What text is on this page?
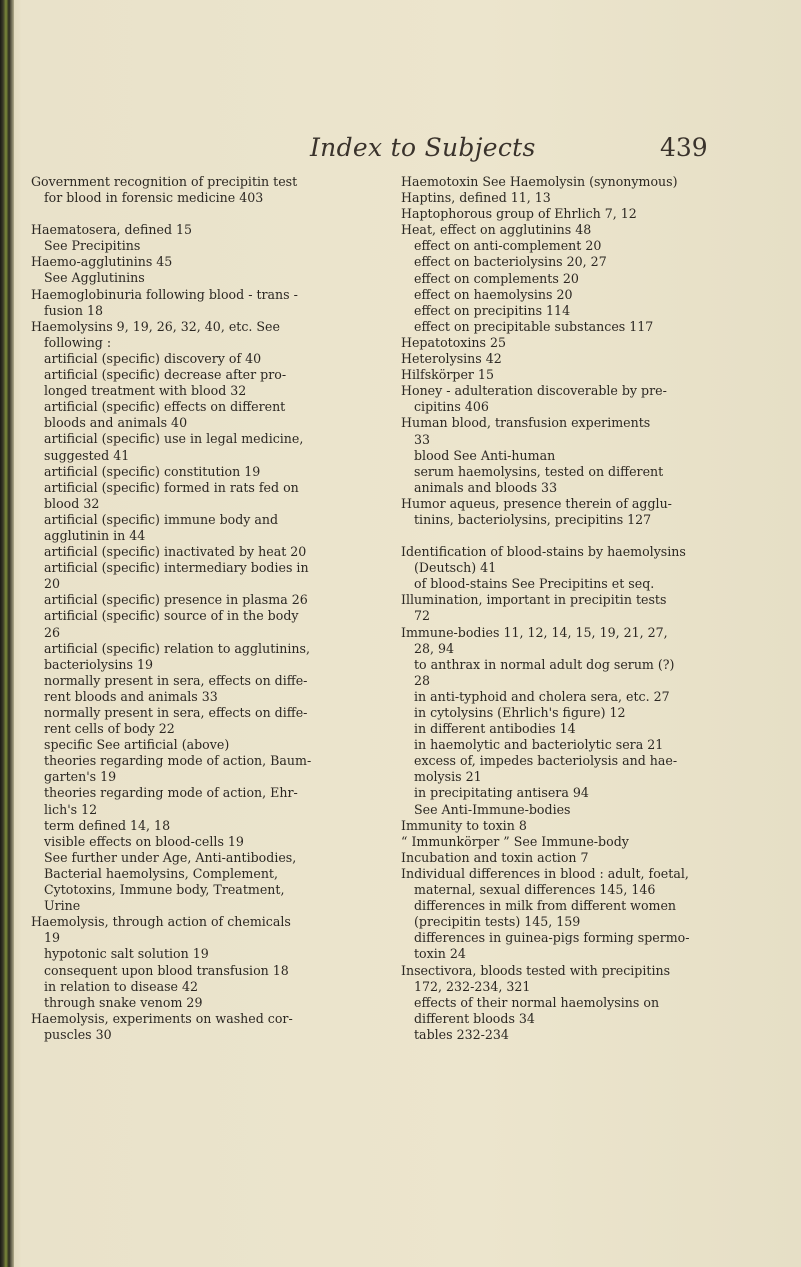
Index to Subjects	439
Government recognition of precipitin test
for blood in forensic medicine 403
Haematosera, defined 15
See Precipitins
Haemo-agglutinins 45
See Agglutinins
Haemoglobinuria following blood - trans -
fusion 18
Haemolysins 9, 19, 26, 32, 40, etc. See
following :
artificial (specific) discovery of 40
artificial (specific) decrease after pro-
longed treatment with blood 32
artificial (specific) effects on different
bloods and animals 40
artificial (specific) use in legal medicine,
suggested 41
artificial (specific) constitution 19
artificial (specific) formed in rats fed on
blood 32
artificial (specific) immune body and
agglutinin in 44
artificial (specific) inactivated by heat 20
artificial (specific) intermediary bodies in
20
artificial (specific) presence in plasma 26
artificial (specific) source of in the body
26
artificial (specific) relation to agglutinins,
bacteriolysins 19
normally present in sera, effects on diffe-
rent bloods and animals 33
normally present in sera, effects on diffe-
rent cells of body 22
specific See artificial (above)
theories regarding mode of action, Baum-
garten's 19
theories regarding mode of action, Ehr-
lich's 12
term defined 14, 18
visible effects on blood-cells 19
See further under Age, Anti-antibodies,
Bacterial haemolysins, Complement,
Cytotoxins, Immune body, Treatment,
Urine
Haemolysis, through action of chemicals
19
hypotonic salt solution 19
consequent upon blood transfusion 18
in relation to disease 42
through snake venom 29
Haemolysis, experiments on washed cor-
puscles 30
Haemotoxin See Haemolysin (synonymous)
Haptins, defined 11, 13
Haptophorous group of Ehrlich 7, 12
Heat, effect on agglutinins 48
effect on anti-complement 20
effect on bacteriolysins 20, 27
effect on complements 20
effect on haemolysins 20
effect on precipitins 114
effect on precipitable substances 117
Hepatotoxins 25
Heterolysins 42
Hilfskörper 15
Honey - adulteration discoverable by pre-
cipitins 406
Human blood, transfusion experiments
33
blood See Anti-human
serum haemolysins, tested on different
animals and bloods 33
Humor aqueus, presence therein of agglu-
tinins, bacteriolysins, precipitins 127
Identification of blood-stains by haemolysins
(Deutsch) 41
of blood-stains See Precipitins et seq.
Illumination, important in precipitin tests
72
Immune-bodies 11, 12, 14, 15, 19, 21, 27,
28, 94
to anthrax in normal adult dog serum (?)
28
in anti-typhoid and cholera sera, etc. 27
in cytolysins (Ehrlich's figure) 12
in different antibodies 14
in haemolytic and bacteriolytic sera 21
excess of, impedes bacteriolysis and hae-
molysis 21
in precipitating antisera 94
See Anti-Immune-bodies
Immunity to toxin 8
“ Immunkörper ” See Immune-body
Incubation and toxin action 7
Individual differences in blood : adult, foetal,
maternal, sexual differences 145, 146
differences in milk from different women
(precipitin tests) 145, 159
differences in guinea-pigs forming spermo-
toxin 24
Insectivora, bloods tested with precipitins
172, 232-234, 321
effects of their normal haemolysins on
different bloods 34
tables 232-234
